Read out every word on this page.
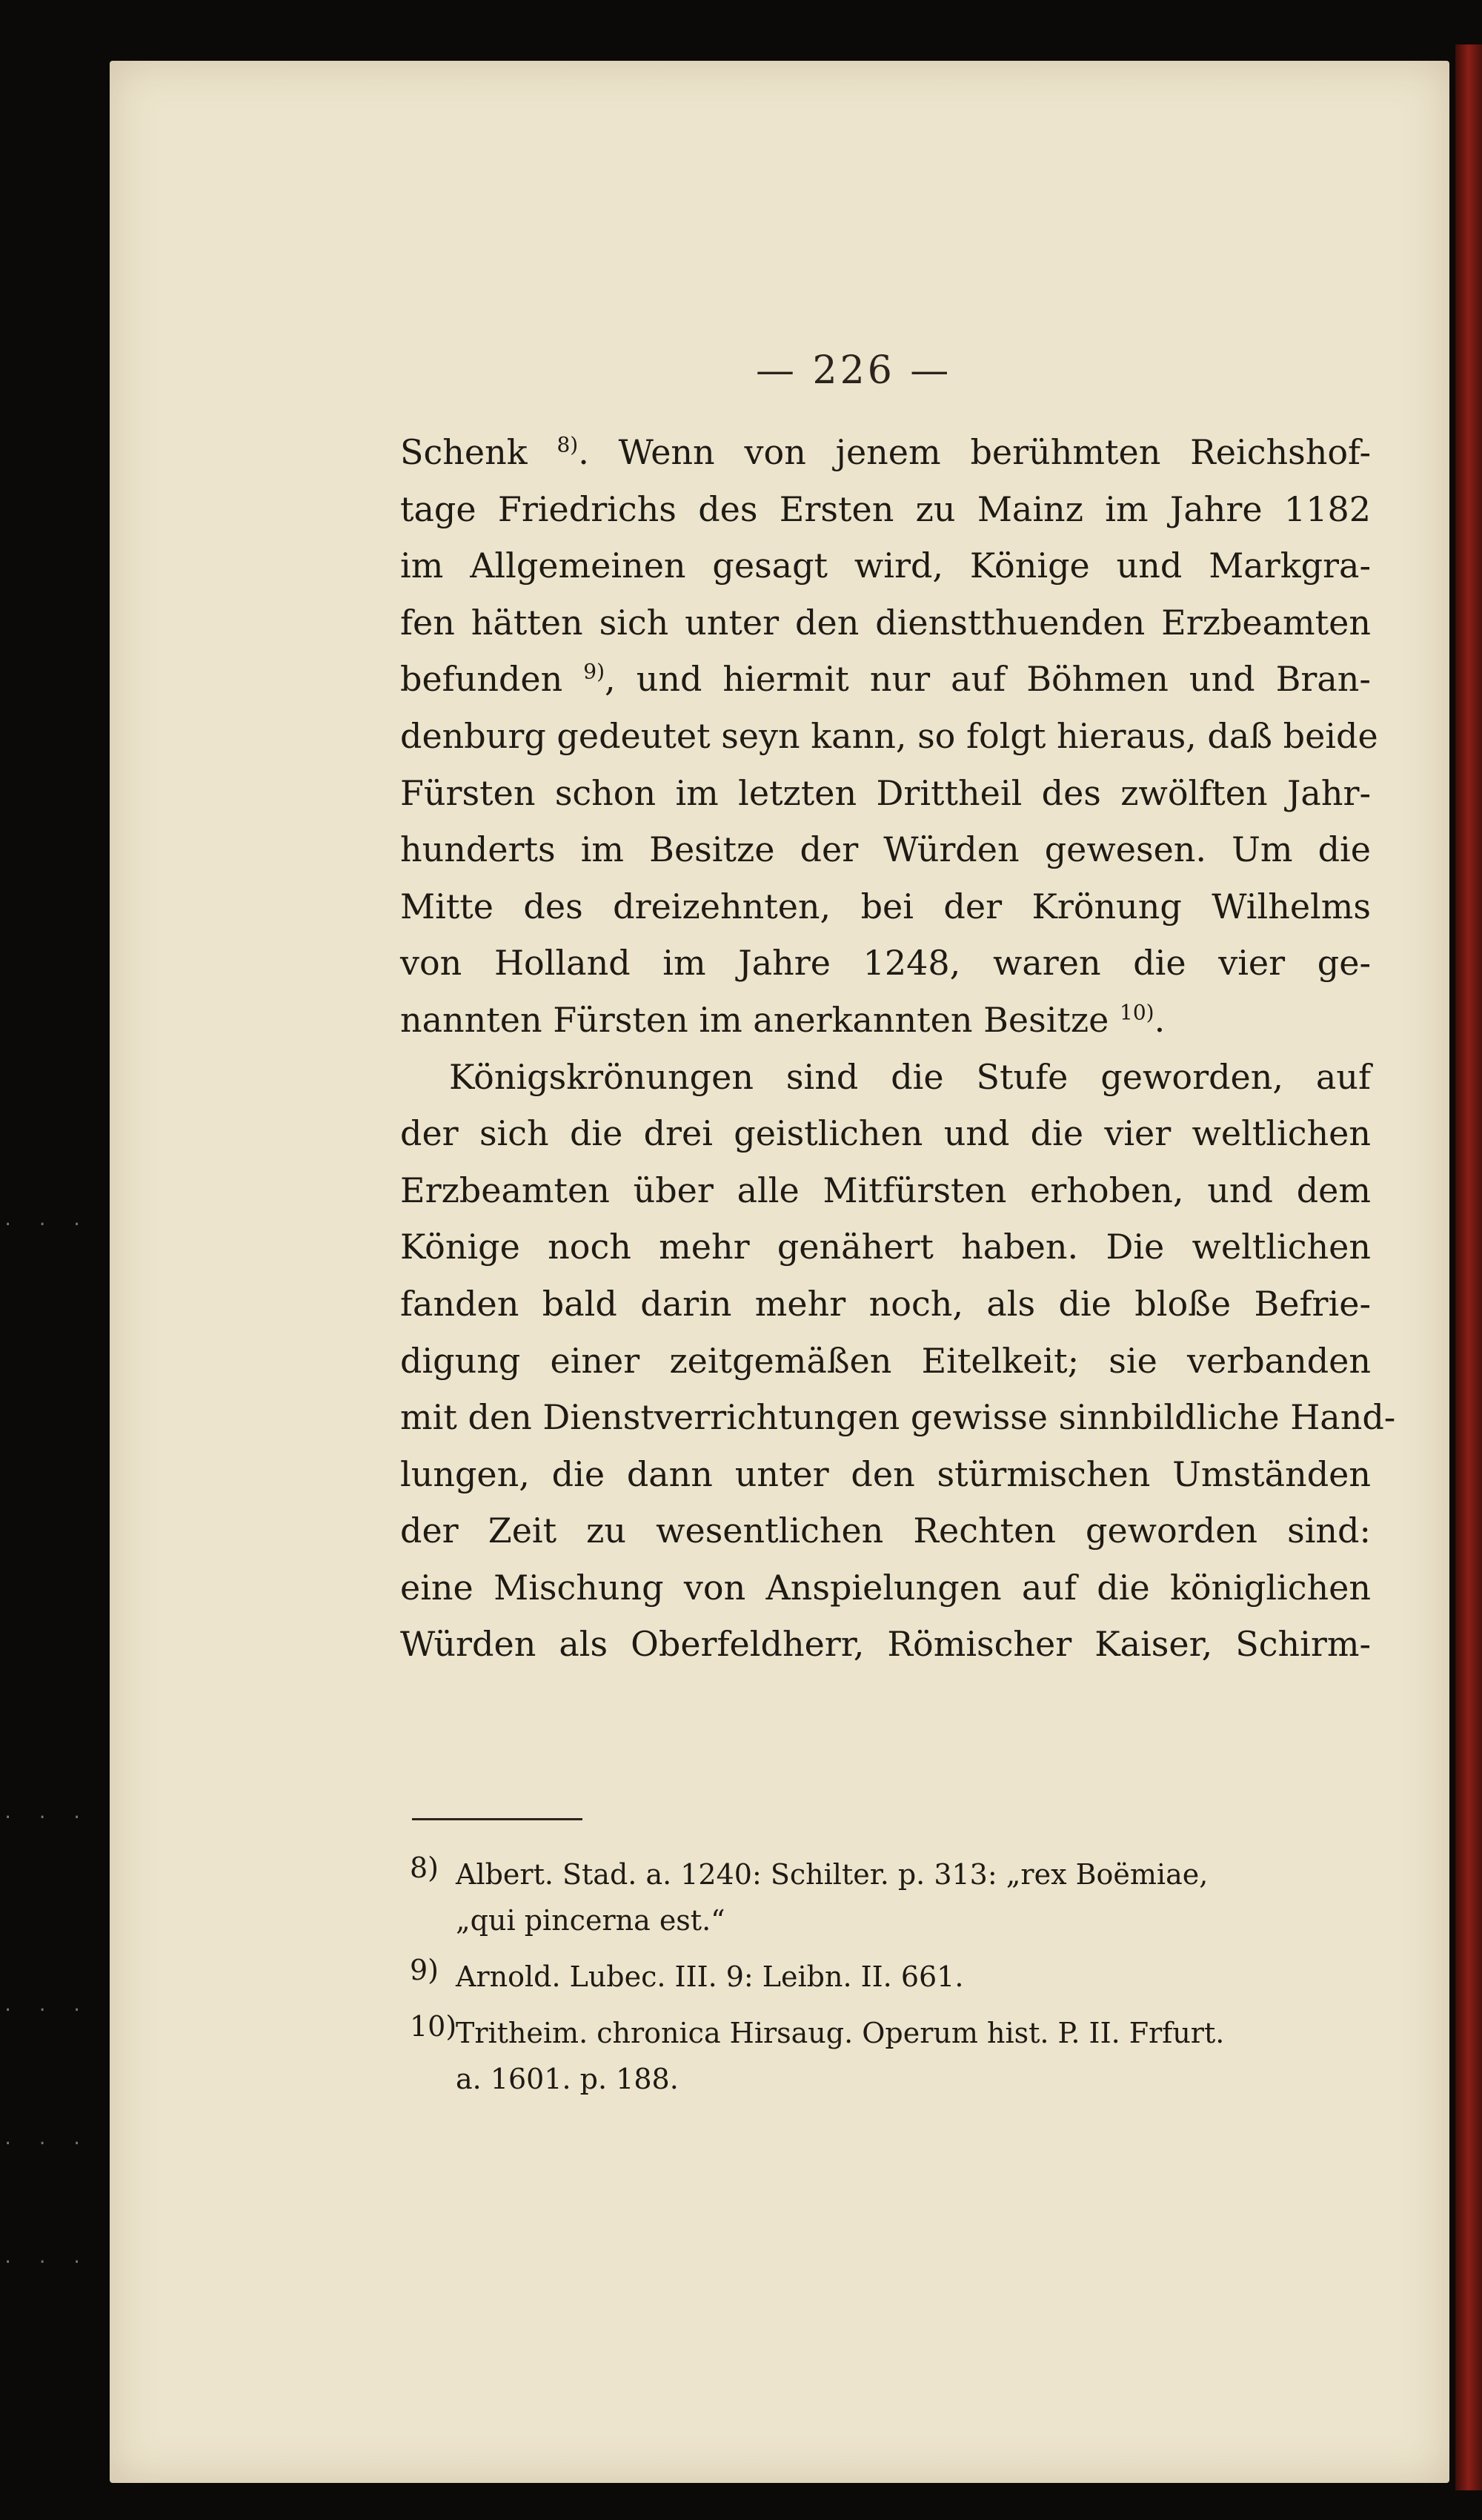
· · ·
· · ·
· · ·
· · ·
· · ·
— 226 —
Schenk $^{8)}$. Wenn von jenem berühmten Reichshof-
tage Friedrichs des Ersten zu Mainz im Jahre 1182
im Allgemeinen gesagt wird, Könige und Markgra-
fen hätten sich unter den dienstthuenden Erzbeamten
befunden $^{9)}$, und hiermit nur auf Böhmen und Bran-
denburg gedeutet seyn kann, so folgt hieraus, daß beide
Fürsten schon im letzten Drittheil des zwölften Jahr-
hunderts im Besitze der Würden gewesen. Um die
Mitte des dreizehnten, bei der Krönung Wilhelms
von Holland im Jahre 1248, waren die vier ge-
nannten Fürsten im anerkannten Besitze $^{10)}$.
Königskrönungen sind die Stufe geworden, auf
der sich die drei geistlichen und die vier weltlichen
Erzbeamten über alle Mitfürsten erhoben, und dem
Könige noch mehr genähert haben. Die weltlichen
fanden bald darin mehr noch, als die bloße Befrie-
digung einer zeitgemäßen Eitelkeit; sie verbanden
mit den Dienstverrichtungen gewisse sinnbildliche Hand-
lungen, die dann unter den stürmischen Umständen
der Zeit zu wesentlichen Rechten geworden sind:
eine Mischung von Anspielungen auf die königlichen
Würden als Oberfeldherr, Römischer Kaiser, Schirm-
8) Albert. Stad. a. 1240: Schilter. p. 313: „rex Boëmiae,
„qui pincerna est.“
9) Arnold. Lubec. III. 9: Leibn. II. 661.
10)
Tritheim. chronica Hirsaug. Operum hist. P. II. Frfurt.
a. 1601. p. 188.
